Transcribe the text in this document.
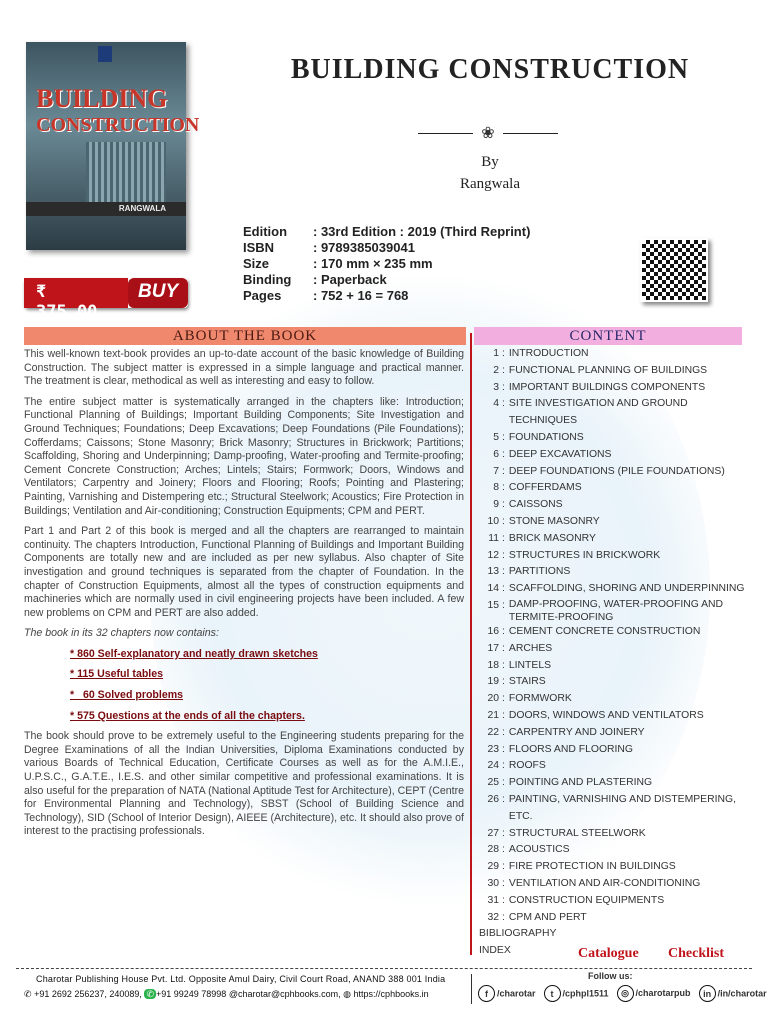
BUILDING
CONSTRUCTION
RANGWALA
BUILDING CONSTRUCTION
❀
By
Rangwala
Edition	: 33rd Edition : 2019 (Third Reprint)
ISBN	: 9789385039041
Size	: 170 mm × 235 mm
Binding	: Paperback
Pages	: 752 + 16 = 768
₹ 375.00
BUY
ABOUT THE BOOK	CONTENT

This well-known text-book provides an up-to-date account of the basic knowledge of Building Construction. The subject matter is expressed in a simple language and practical manner. The treatment is clear, methodical as well as interesting and easy to follow.

The entire subject matter is systematically arranged in the chapters like: Introduction; Functional Planning of Buildings; Important Building Components; Site Investigation and Ground Techniques; Foundations; Deep Excavations; Deep Foundations (Pile Foundations); Cofferdams; Caissons; Stone Masonry; Brick Masonry; Structures in Brickwork; Partitions; Scaffolding, Shoring and Underpinning; Damp-proofing, Water-proofing and Termite-proofing; Cement Concrete Construction; Arches; Lintels; Stairs; Formwork; Doors, Windows and Ventilators; Carpentry and Joinery; Floors and Flooring; Roofs; Pointing and Plastering; Painting, Varnishing and Distempering etc.; Structural Steelwork; Acoustics; Fire Protection in Buildings; Ventilation and Air-conditioning; Construction Equipments; CPM and PERT.

Part 1 and Part 2 of this book is merged and all the chapters are rearranged to maintain continuity. The chapters Introduction, Functional Planning of Buildings and Important Building Components are totally new and are included as per new syllabus. Also chapter of Site investigation and ground techniques is separated from the chapter of Foundation. In the chapter of Construction Equipments, almost all the types of construction equipments and machineries which are normally used in civil engineering projects have been included. A few new problems on CPM and PERT are also added.

The book in its 32 chapters now contains:

* 860 Self-explanatory and neatly drawn sketches

* 115 Useful tables

*   60 Solved problems

* 575 Questions at the ends of all the chapters.

The book should prove to be extremely useful to the Engineering students preparing for the Degree Examinations of all the Indian Universities, Diploma Examinations conducted by various Boards of Technical Education, Certificate Courses as well as for the A.M.I.E., U.P.S.C., G.A.T.E., I.E.S. and other similar competitive and professional examinations. It is also useful for the preparation of NATA (National Aptitude Test for Architecture), CEPT (Centre for Environmental Planning and Technology), SBST (School of Building Science and Technology), SID (School of Interior Design), AIEEE (Architecture), etc. It should also prove of interest to the practising professionals.

1 : INTRODUCTION
2 : FUNCTIONAL PLANNING OF BUILDINGS
3 : IMPORTANT BUILDINGS COMPONENTS
4 : SITE INVESTIGATION AND GROUND TECHNIQUES
5 : FOUNDATIONS
6 : DEEP EXCAVATIONS
7 : DEEP FOUNDATIONS (PILE FOUNDATIONS)
8 : COFFERDAMS
9 : CAISSONS
10 : STONE MASONRY
11 : BRICK MASONRY
12 : STRUCTURES IN BRICKWORK
13 : PARTITIONS
14 : SCAFFOLDING, SHORING AND UNDERPINNING
15 : DAMP-PROOFING, WATER-PROOFING AND TERMITE-PROOFING
16 : CEMENT CONCRETE CONSTRUCTION
17 : ARCHES
18 : LINTELS
19 : STAIRS
20 : FORMWORK
21 : DOORS, WINDOWS AND VENTILATORS
22 : CARPENTRY AND JOINERY
23 : FLOORS AND FLOORING
24 : ROOFS
25 : POINTING AND PLASTERING
26 : PAINTING, VARNISHING AND DISTEMPERING, ETC.
27 : STRUCTURAL STEELWORK
28 : ACOUSTICS
29 : FIRE PROTECTION IN BUILDINGS
30 : VENTILATION AND AIR-CONDITIONING
31 : CONSTRUCTION EQUIPMENTS
32 : CPM AND PERT
BIBLIOGRAPHY
INDEX	Catalogue Checklist
Charotar Publishing House Pvt. Ltd. Opposite Amul Dairy, Civil Court Road, ANAND 388 001 India
✆ +91 2692 256237, 240089, ✆ +91 99249 78998 @charotar@cphbooks.com, ◍ https://cphbooks.in
Follow us:
f /charotar	t /cphpl1511	◎ /charotarpub	in /in/charotar
